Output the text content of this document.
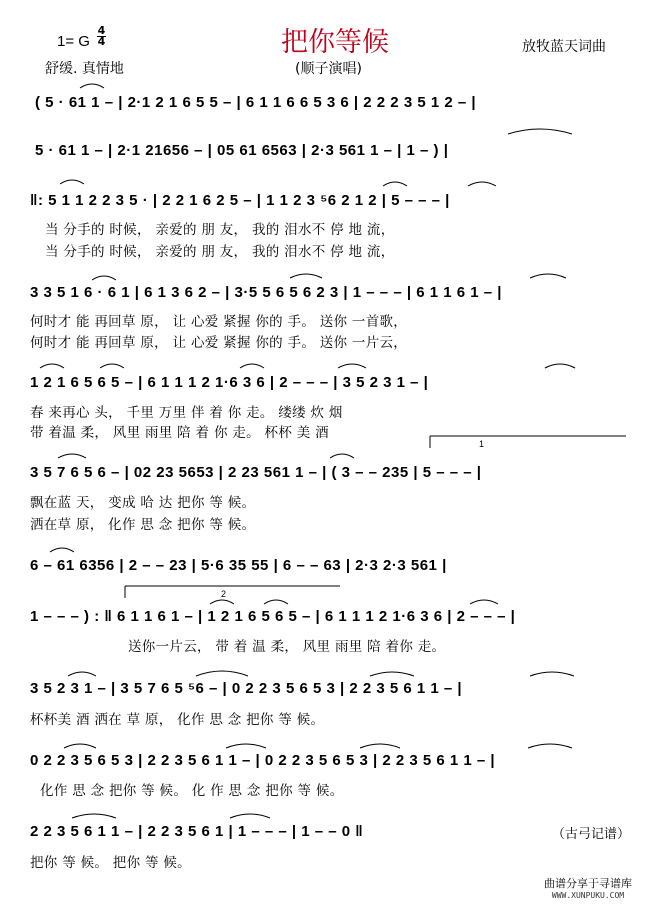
把你等候
1= G
4
4
舒缓. 真情地	(顺子演唱)
放牧蓝天词曲
( 5 · 61 1 – | 2·1 2 1 6 5 5 – | 6 1 1 6 6 5 3 6 | 2 2 2 3 5 1 2 – |
5 · 61 1 – | 2·1 21656 – | 05 61 6563 | 2·3 561 1 – | 1 – ) |
‖: 5 1 1 2 2 3 5 · | 2 2 1 6 2 5 – | 1 1 2 3 ⁵6 2 1 2 | 5 – – – |
当 分手的 时候， 亲爱的 朋 友， 我的 泪水不 停 地 流，
当 分手的 时候， 亲爱的 朋 友， 我的 泪水不 停 地 流，
3 3 5 1 6 · 6 1 | 6 1 3 6 2 – | 3·5 5 6 5 6 2 3 | 1 – – – | 6 1 1 6 1 – |
何时才 能 再回草 原， 让 心爱 紧握 你的 手。 送你 一首歌，
何时才 能 再回草 原， 让 心爱 紧握 你的 手。 送你 一片云，
1 2 1 6 5 6 5 – | 6 1 1 1 2 1·6 3 6 | 2 – – – | 3 5 2 3 1 – |
春 来再心 头， 千里 万里 伴 着 你 走。 缕缕 炊 烟
带 着温 柔， 风里 雨里 陪 着 你 走。 杯杯 美 酒
3 5 7 6 5 6 – | 02 23 5653 | 2 23 561 1 – | ( 3 – – 235 | 5 – – – |
飘在蓝 天， 变成 哈 达 把你 等 候。
洒在草 原， 化作 思 念 把你 等 候。
6 – 61 6356 | 2 – – 23 | 5·6 35 55 | 6 – – 63 | 2·3 2·3 561 |
1 – – – ) : ‖ 6 1 1 6 1 – | 1 2 1 6 5 6 5 – | 6 1 1 1 2 1·6 3 6 | 2 – – – |
送你一片云， 带 着 温 柔， 风里 雨里 陪 着你 走。
3 5 2 3 1 – | 3 5 7 6 5 ⁵6 – | 0 2 2 3 5 6 5 3 | 2 2 3 5 6 1 1 – |
杯杯美 酒 洒在 草 原， 化作 思 念 把你 等 候。
0 2 2 3 5 6 5 3 | 2 2 3 5 6 1 1 – | 0 2 2 3 5 6 5 3 | 2 2 3 5 6 1 1 – |
化作 思 念 把你 等 候。 化 作 思 念 把你 等 候。
2 2 3 5 6 1 1 – | 2 2 3 5 6 1 | 1 – – – | 1 – – 0 ‖
把你 等 候。 把你 等 候。
（古弓记谱）
1
2
曲谱分享于寻谱库
WWW.XUNPUKU.COM
